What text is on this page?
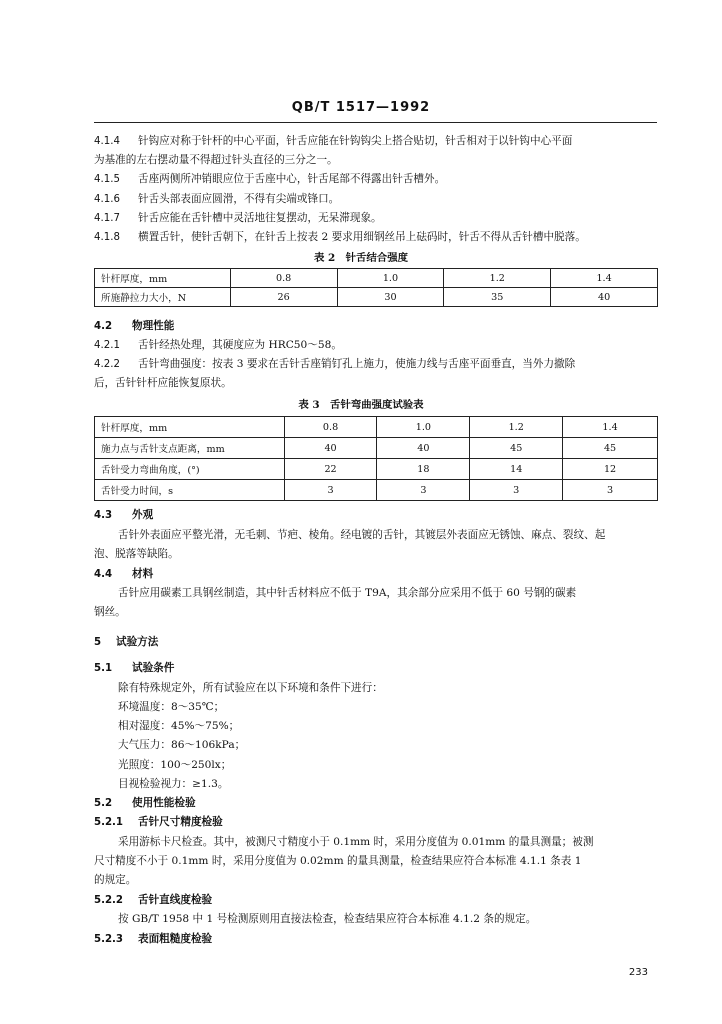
QB/T 1517—1992
4.1.4 针钩应对称于针杆的中心平面，针舌应能在针钩钩尖上搭合贴切，针舌相对于以针钩中心平面
为基准的左右摆动量不得超过针头直径的三分之一。
4.1.5 舌座两侧所冲销眼应位于舌座中心，针舌尾部不得露出针舌槽外。
4.1.6 针舌头部表面应圆滑，不得有尖端或锋口。
4.1.7 针舌应能在舌针槽中灵活地往复摆动，无呆滞现象。
4.1.8 横置舌针，使针舌朝下，在针舌上按表 2 要求用细钢丝吊上砝码时，针舌不得从舌针槽中脱落。
表 2　针舌结合强度
针杆厚度，mm	0.8	1.0	1.2	1.4
所施静拉力大小，N	26	30	35	40
4.2 物理性能
4.2.1 舌针经热处理，其硬度应为 HRC50～58。
4.2.2 舌针弯曲强度：按表 3 要求在舌针舌座销钉孔上施力，使施力线与舌座平面垂直，当外力撤除
后，舌针针杆应能恢复原状。
表 3　舌针弯曲强度试验表
针杆厚度，mm	0.8	1.0	1.2	1.4
施力点与舌针支点距离，mm	40	40	45	45
舌针受力弯曲角度，(°)	22	18	14	12
舌针受力时间，s	3	3	3	3
4.3 外观
舌针外表面应平整光滑，无毛刺、节疤、棱角。经电镀的舌针，其镀层外表面应无锈蚀、麻点、裂纹、起
泡、脱落等缺陷。
4.4 材料
舌针应用碳素工具钢丝制造，其中针舌材料应不低于 T9A，其余部分应采用不低于 60 号钢的碳素
钢丝。
5 试验方法
5.1 试验条件
除有特殊规定外，所有试验应在以下环境和条件下进行：
环境温度：8～35℃；
相对湿度：45%～75%；
大气压力：86～106kPa；
光照度：100～250lx；
目视检验视力：≥1.3。
5.2 使用性能检验
5.2.1 舌针尺寸精度检验
采用游标卡尺检查。其中，被测尺寸精度小于 0.1mm 时，采用分度值为 0.01mm 的量具测量；被测
尺寸精度不小于 0.1mm 时，采用分度值为 0.02mm 的量具测量，检查结果应符合本标准 4.1.1 条表 1
的规定。
5.2.2 舌针直线度检验
按 GB/T 1958 中 1 号检测原则用直接法检查，检查结果应符合本标准 4.1.2 条的规定。
5.2.3 表面粗糙度检验
233
